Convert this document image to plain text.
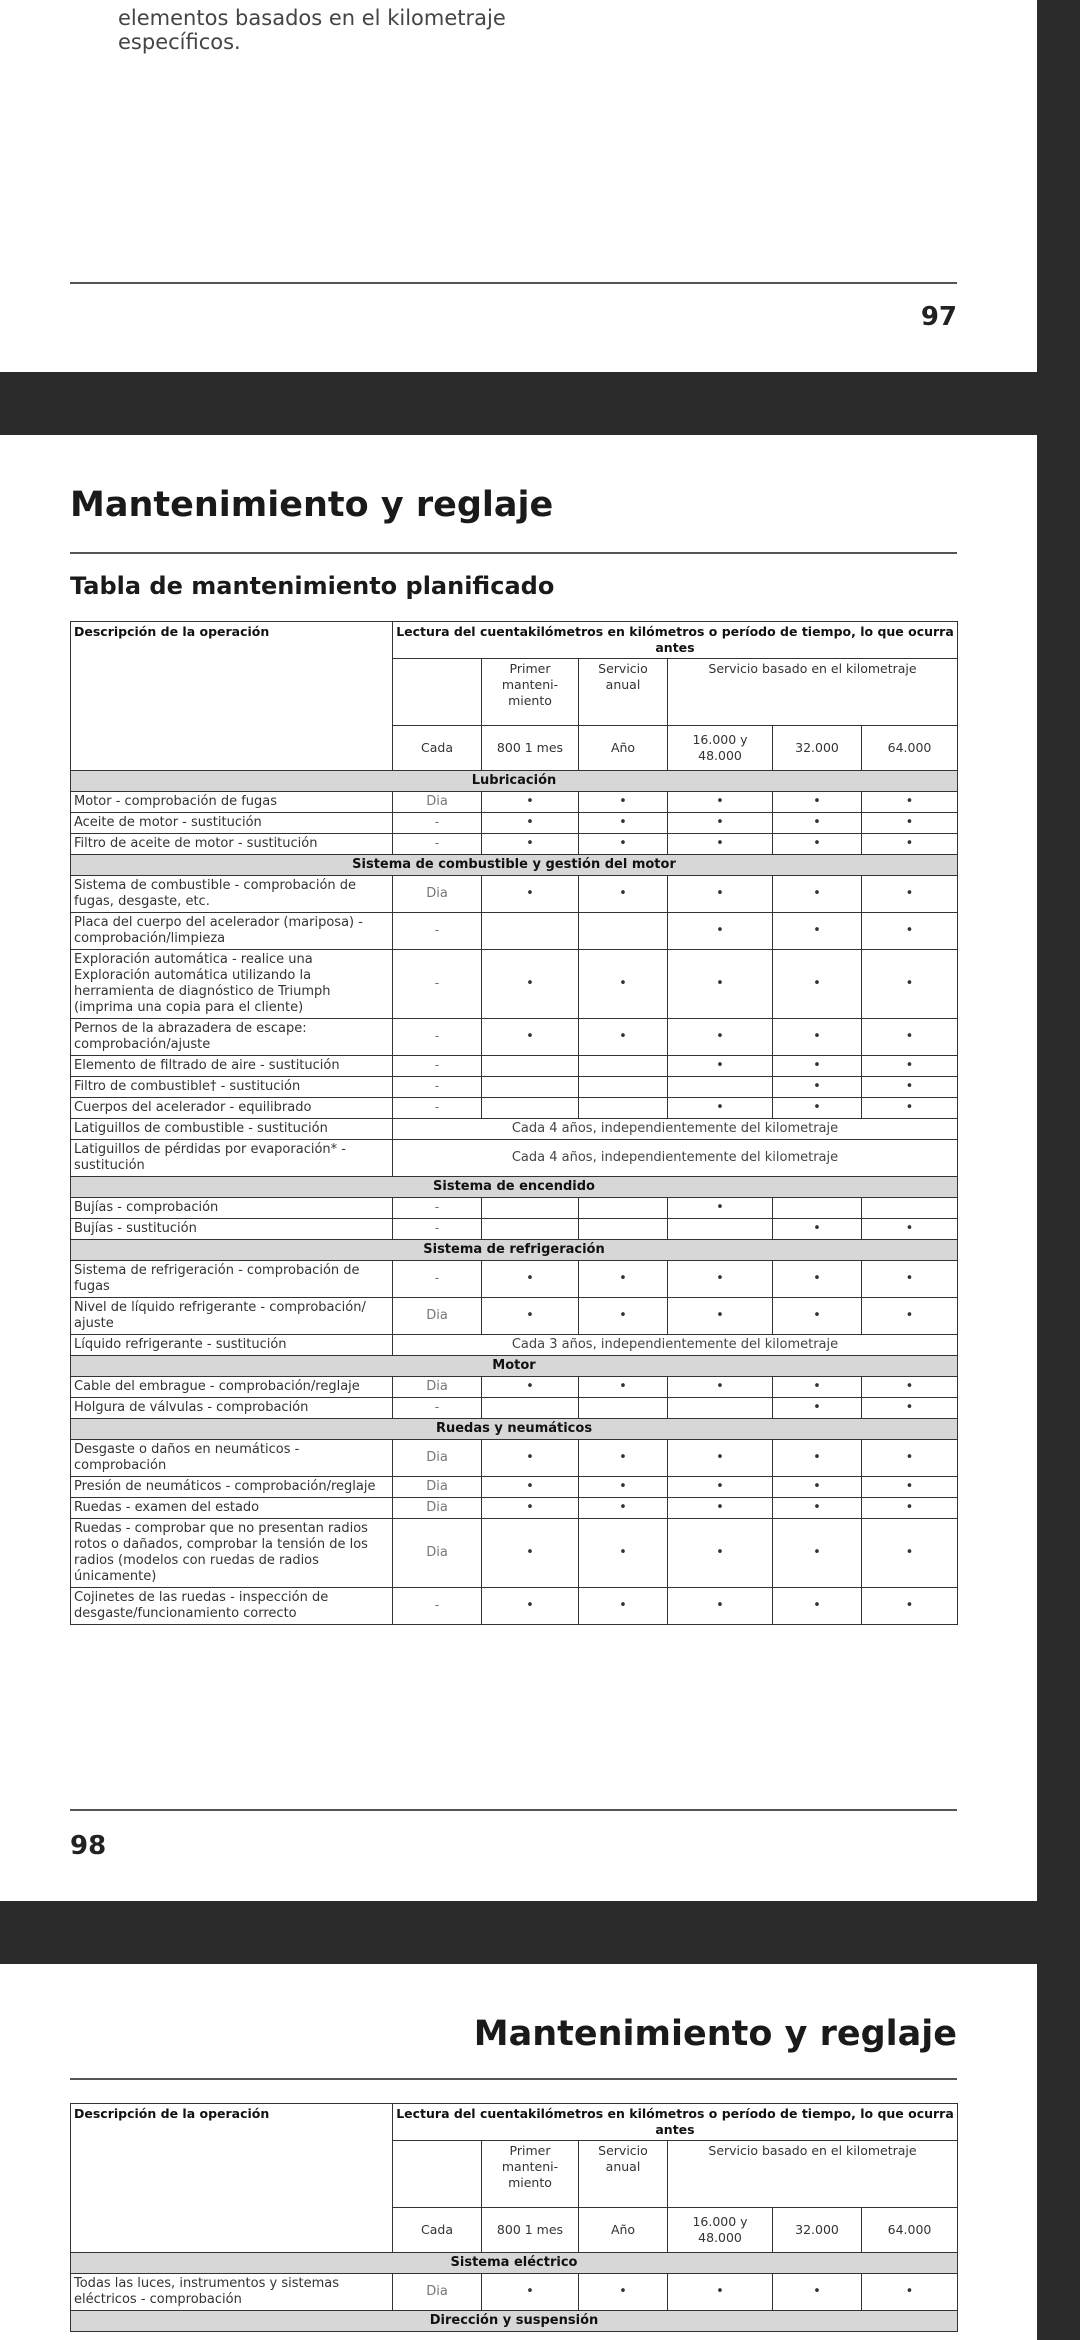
elementos basados en el kilometraje
específicos.
97
Mantenimiento y reglaje
Tabla de mantenimiento planificado
Descripción de la operación	Lectura del cuentakilómetros en kilómetros o período de tiempo, lo que ocurra antes					
		Primer manteni- miento	Servicio anual	Servicio basado en el kilometraje		
	Cada	800 1 mes	Año	16.000 y 48.000	32.000	64.000
Lubricación						
Motor - comprobación de fugas	Dia	•	•	•	•	•
Aceite de motor - sustitución	-	•	•	•	•	•
Filtro de aceite de motor - sustitución	-	•	•	•	•	•
Sistema de combustible y gestión del motor						
Sistema de combustible - comprobación de fugas, desgaste, etc.	Dia	•	•	•	•	•
Placa del cuerpo del acelerador (mariposa) - comprobación/limpieza	-			•	•	•
Exploración automática - realice una Exploración automática utilizando la herramienta de diagnóstico de Triumph (imprima una copia para el cliente)	-	•	•	•	•	•
Pernos de la abrazadera de escape: comprobación/ajuste	-	•	•	•	•	•
Elemento de filtrado de aire - sustitución	-			•	•	•
Filtro de combustible† - sustitución	-				•	•
Cuerpos del acelerador - equilibrado	-			•	•	•
Latiguillos de combustible - sustitución	Cada 4 años, independientemente del kilometraje					
Latiguillos de pérdidas por evaporación* - sustitución	Cada 4 años, independientemente del kilometraje					
Sistema de encendido						
Bujías - comprobación	-			•		
Bujías - sustitución	-				•	•
Sistema de refrigeración						
Sistema de refrigeración - comprobación de fugas	-	•	•	•	•	•
Nivel de líquido refrigerante - comprobación/ ajuste	Dia	•	•	•	•	•
Líquido refrigerante - sustitución	Cada 3 años, independientemente del kilometraje					
Motor						
Cable del embrague - comprobación/reglaje	Dia	•	•	•	•	•
Holgura de válvulas - comprobación	-				•	•
Ruedas y neumáticos						
Desgaste o daños en neumáticos - comprobación	Dia	•	•	•	•	•
Presión de neumáticos - comprobación/reglaje	Dia	•	•	•	•	•
Ruedas - examen del estado	Dia	•	•	•	•	•
Ruedas - comprobar que no presentan radios rotos o dañados, comprobar la tensión de los radios (modelos con ruedas de radios únicamente)	Dia	•	•	•	•	•
Cojinetes de las ruedas - inspección de desgaste/funcionamiento correcto	-	•	•	•	•	•
98
Mantenimiento y reglaje
Descripción de la operación	Lectura del cuentakilómetros en kilómetros o período de tiempo, lo que ocurra antes					
		Primer manteni- miento	Servicio anual	Servicio basado en el kilometraje		
	Cada	800 1 mes	Año	16.000 y 48.000	32.000	64.000
Sistema eléctrico						
Todas las luces, instrumentos y sistemas eléctricos - comprobación	Dia	•	•	•	•	•
Dirección y suspensión						
